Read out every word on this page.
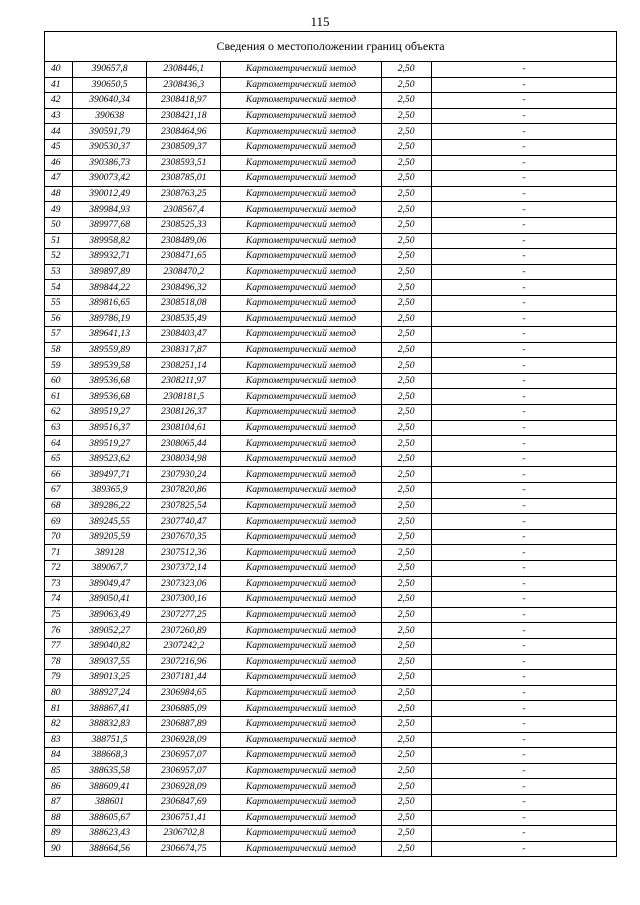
115
Сведения о местоположении границ объекта					
40	390657,8	2308446,1	Картометрический метод	2,50	-
41	390650,5	2308436,3	Картометрический метод	2,50	-
42	390640,34	2308418,97	Картометрический метод	2,50	-
43	390638	2308421,18	Картометрический метод	2,50	-
44	390591,79	2308464,96	Картометрический метод	2,50	-
45	390530,37	2308509,37	Картометрический метод	2,50	-
46	390386,73	2308593,51	Картометрический метод	2,50	-
47	390073,42	2308785,01	Картометрический метод	2,50	-
48	390012,49	2308763,25	Картометрический метод	2,50	-
49	389984,93	2308567,4	Картометрический метод	2,50	-
50	389977,68	2308525,33	Картометрический метод	2,50	-
51	389958,82	2308489,06	Картометрический метод	2,50	-
52	389932,71	2308471,65	Картометрический метод	2,50	-
53	389897,89	2308470,2	Картометрический метод	2,50	-
54	389844,22	2308496,32	Картометрический метод	2,50	-
55	389816,65	2308518,08	Картометрический метод	2,50	-
56	389786,19	2308535,49	Картометрический метод	2,50	-
57	389641,13	2308403,47	Картометрический метод	2,50	-
58	389559,89	2308317,87	Картометрический метод	2,50	-
59	389539,58	2308251,14	Картометрический метод	2,50	-
60	389536,68	2308211,97	Картометрический метод	2,50	-
61	389536,68	2308181,5	Картометрический метод	2,50	-
62	389519,27	2308126,37	Картометрический метод	2,50	-
63	389516,37	2308104,61	Картометрический метод	2,50	-
64	389519,27	2308065,44	Картометрический метод	2,50	-
65	389523,62	2308034,98	Картометрический метод	2,50	-
66	389497,71	2307930,24	Картометрический метод	2,50	-
67	389365,9	2307820,86	Картометрический метод	2,50	-
68	389286,22	2307825,54	Картометрический метод	2,50	-
69	389245,55	2307740,47	Картометрический метод	2,50	-
70	389205,59	2307670,35	Картометрический метод	2,50	-
71	389128	2307512,36	Картометрический метод	2,50	-
72	389067,7	2307372,14	Картометрический метод	2,50	-
73	389049,47	2307323,06	Картометрический метод	2,50	-
74	389050,41	2307300,16	Картометрический метод	2,50	-
75	389063,49	2307277,25	Картометрический метод	2,50	-
76	389052,27	2307260,89	Картометрический метод	2,50	-
77	389040,82	2307242,2	Картометрический метод	2,50	-
78	389037,55	2307216,96	Картометрический метод	2,50	-
79	389013,25	2307181,44	Картометрический метод	2,50	-
80	388927,24	2306984,65	Картометрический метод	2,50	-
81	388867,41	2306885,09	Картометрический метод	2,50	-
82	388832,83	2306887,89	Картометрический метод	2,50	-
83	388751,5	2306928,09	Картометрический метод	2,50	-
84	388668,3	2306957,07	Картометрический метод	2,50	-
85	388635,58	2306957,07	Картометрический метод	2,50	-
86	388609,41	2306928,09	Картометрический метод	2,50	-
87	388601	2306847,69	Картометрический метод	2,50	-
88	388605,67	2306751,41	Картометрический метод	2,50	-
89	388623,43	2306702,8	Картометрический метод	2,50	-
90	388664,56	2306674,75	Картометрический метод	2,50	-
